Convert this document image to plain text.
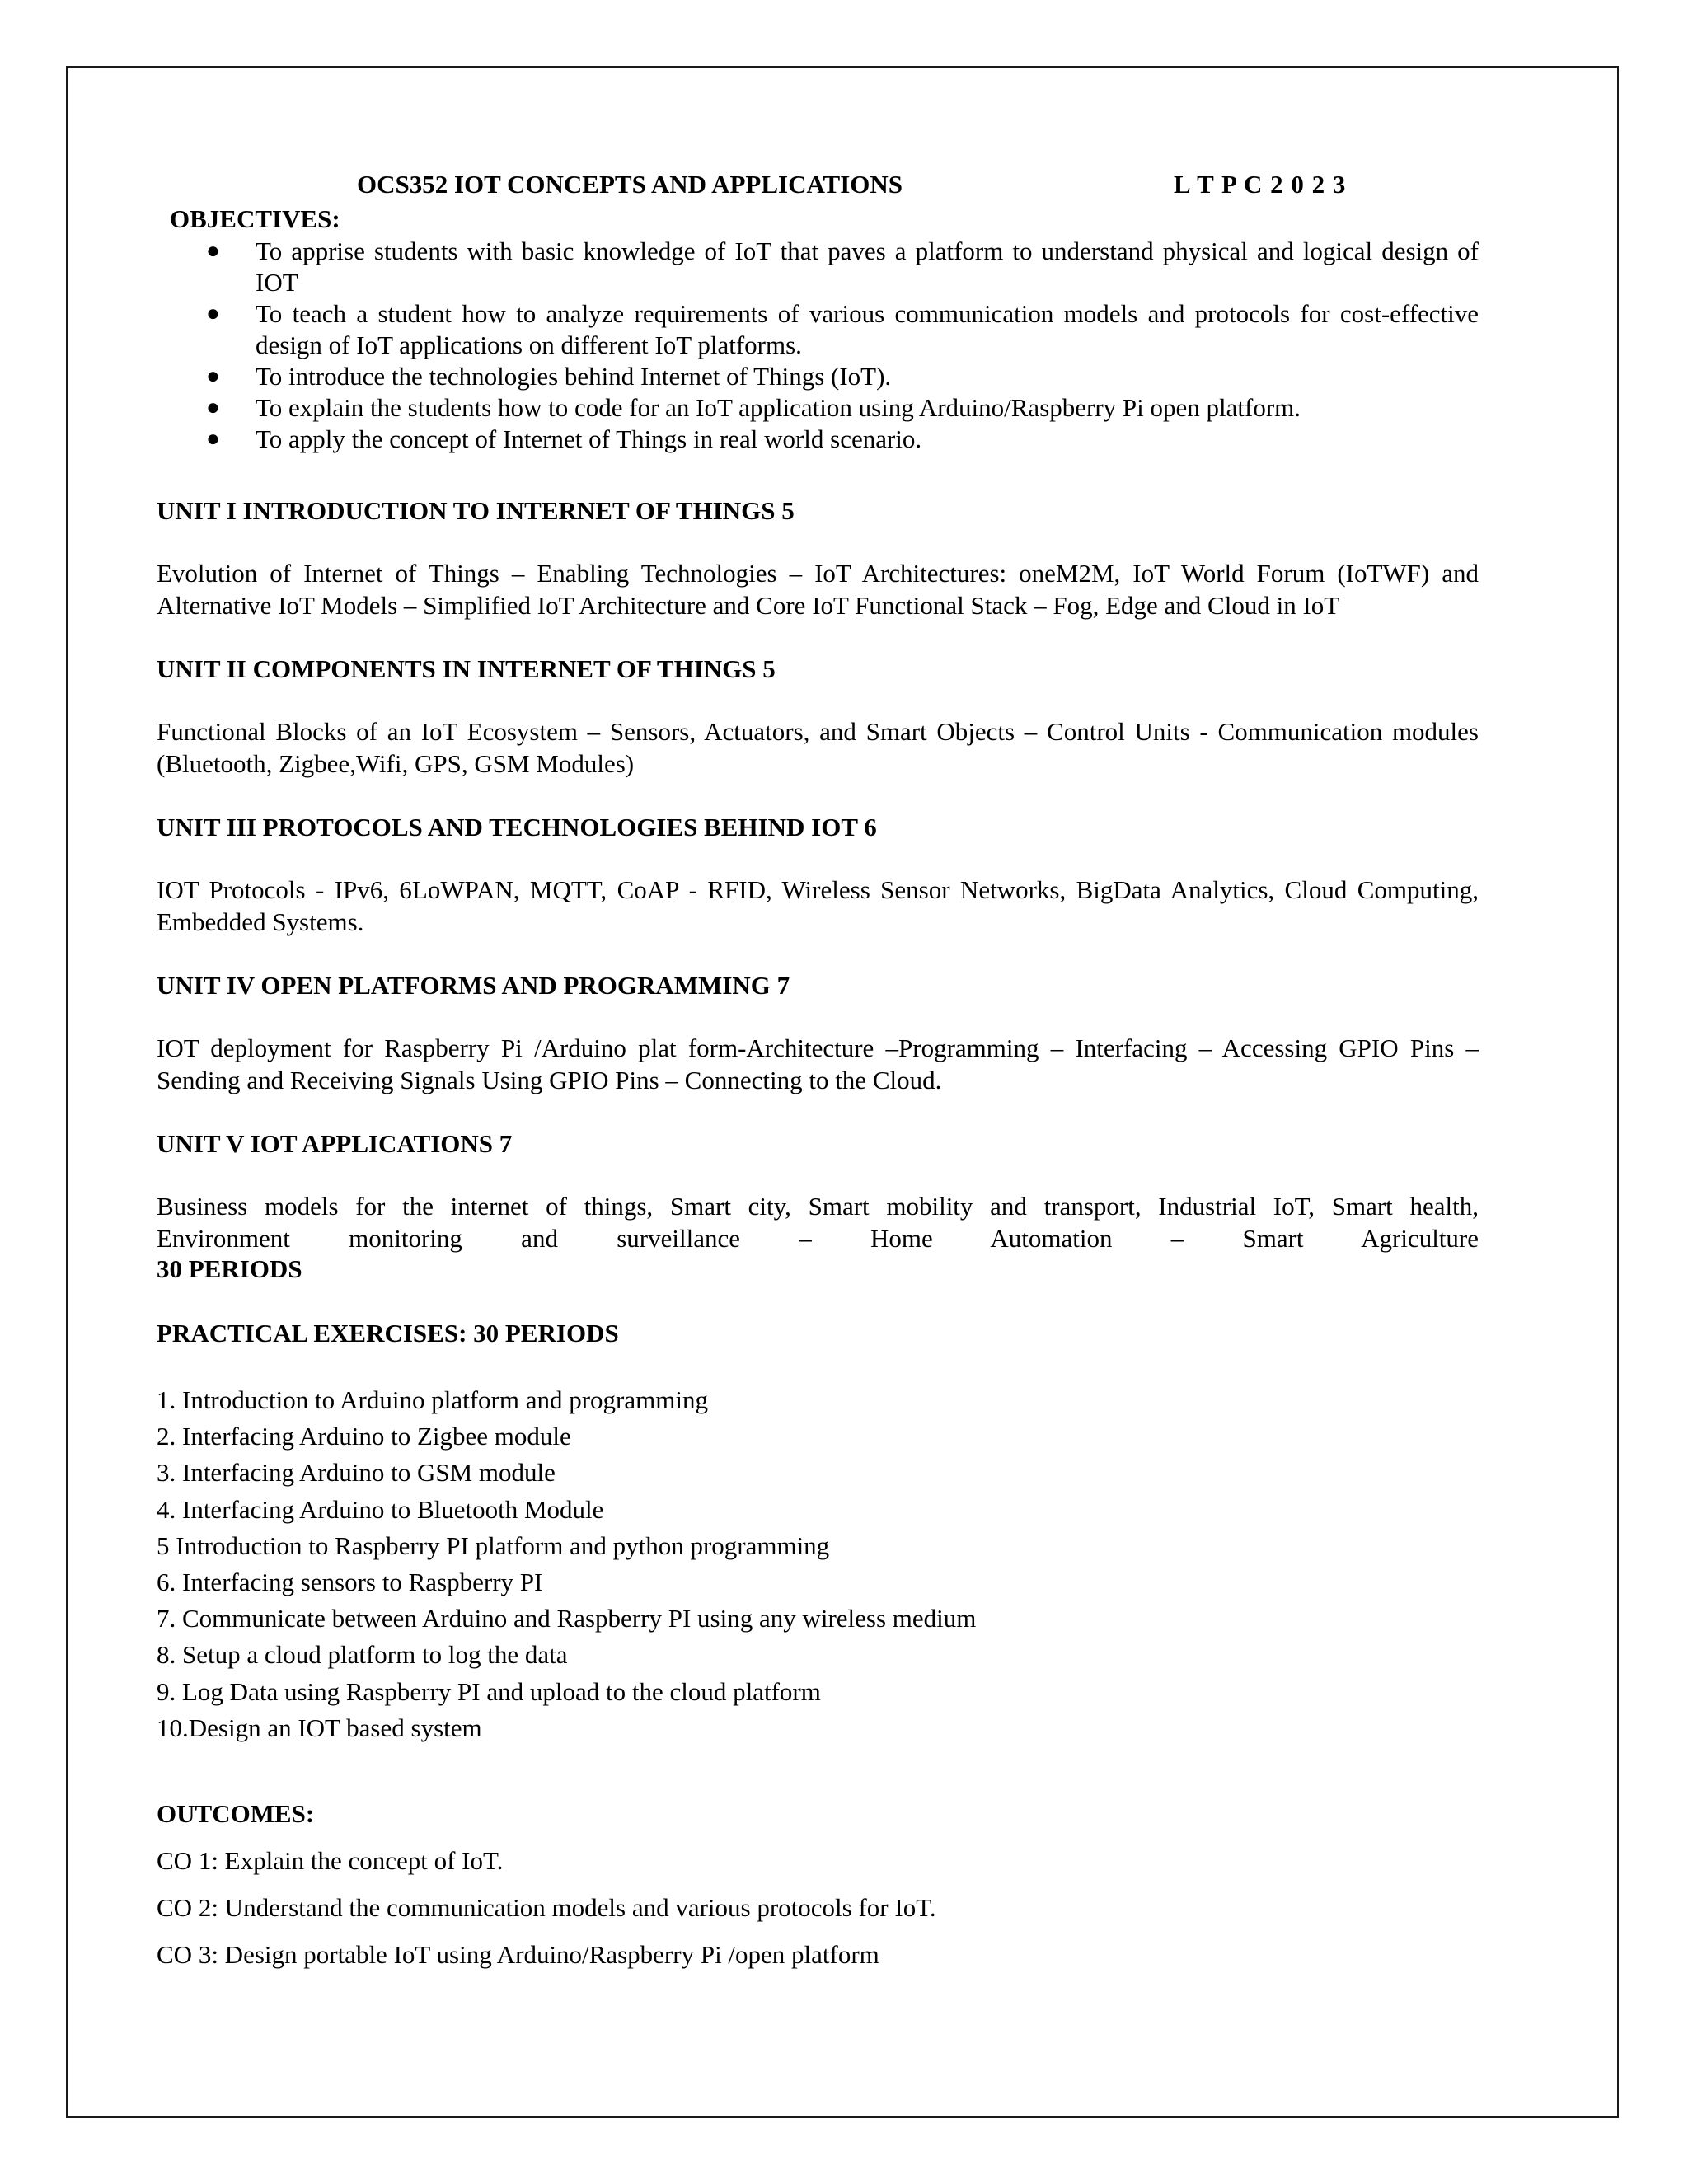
OCS352 IOT CONCEPTS AND APPLICATIONS	L T P C 2 0 2 3
OBJECTIVES:
● To apprise students with basic knowledge of IoT that paves a platform to understand physical and logical design of IOT
● To teach a student how to analyze requirements of various communication models and protocols for cost-effective design of IoT applications on different IoT platforms.
● To introduce the technologies behind Internet of Things (IoT).
● To explain the students how to code for an IoT application using Arduino/Raspberry Pi open platform.
● To apply the concept of Internet of Things in real world scenario.
UNIT I INTRODUCTION TO INTERNET OF THINGS 5
Evolution of Internet of Things – Enabling Technologies – IoT Architectures: oneM2M, IoT World Forum (IoTWF) and Alternative IoT Models – Simplified IoT Architecture and Core IoT Functional Stack – Fog, Edge and Cloud in IoT
UNIT II COMPONENTS IN INTERNET OF THINGS 5
Functional Blocks of an IoT Ecosystem – Sensors, Actuators, and Smart Objects – Control Units - Communication modules (Bluetooth, Zigbee,Wifi, GPS, GSM Modules)
UNIT III PROTOCOLS AND TECHNOLOGIES BEHIND IOT 6
IOT Protocols - IPv6, 6LoWPAN, MQTT, CoAP - RFID, Wireless Sensor Networks, BigData Analytics, Cloud Computing, Embedded Systems.
UNIT IV OPEN PLATFORMS AND PROGRAMMING 7
IOT deployment for Raspberry Pi /Arduino plat form-Architecture –Programming – Interfacing – Accessing GPIO Pins – Sending and Receiving Signals Using GPIO Pins – Connecting to the Cloud.
UNIT V IOT APPLICATIONS 7
Business models for the internet of things, Smart city, Smart mobility and transport, Industrial IoT, Smart health,
Environment monitoring and surveillance – Home Automation – Smart Agriculture
30 PERIODS
PRACTICAL EXERCISES: 30 PERIODS
1. Introduction to Arduino platform and programming
2. Interfacing Arduino to Zigbee module
3. Interfacing Arduino to GSM module
4. Interfacing Arduino to Bluetooth Module
5 Introduction to Raspberry PI platform and python programming
6. Interfacing sensors to Raspberry PI
7. Communicate between Arduino and Raspberry PI using any wireless medium
8. Setup a cloud platform to log the data
9. Log Data using Raspberry PI and upload to the cloud platform
10.Design an IOT based system
OUTCOMES:
CO 1: Explain the concept of IoT.
CO 2: Understand the communication models and various protocols for IoT.
CO 3: Design portable IoT using Arduino/Raspberry Pi /open platform
